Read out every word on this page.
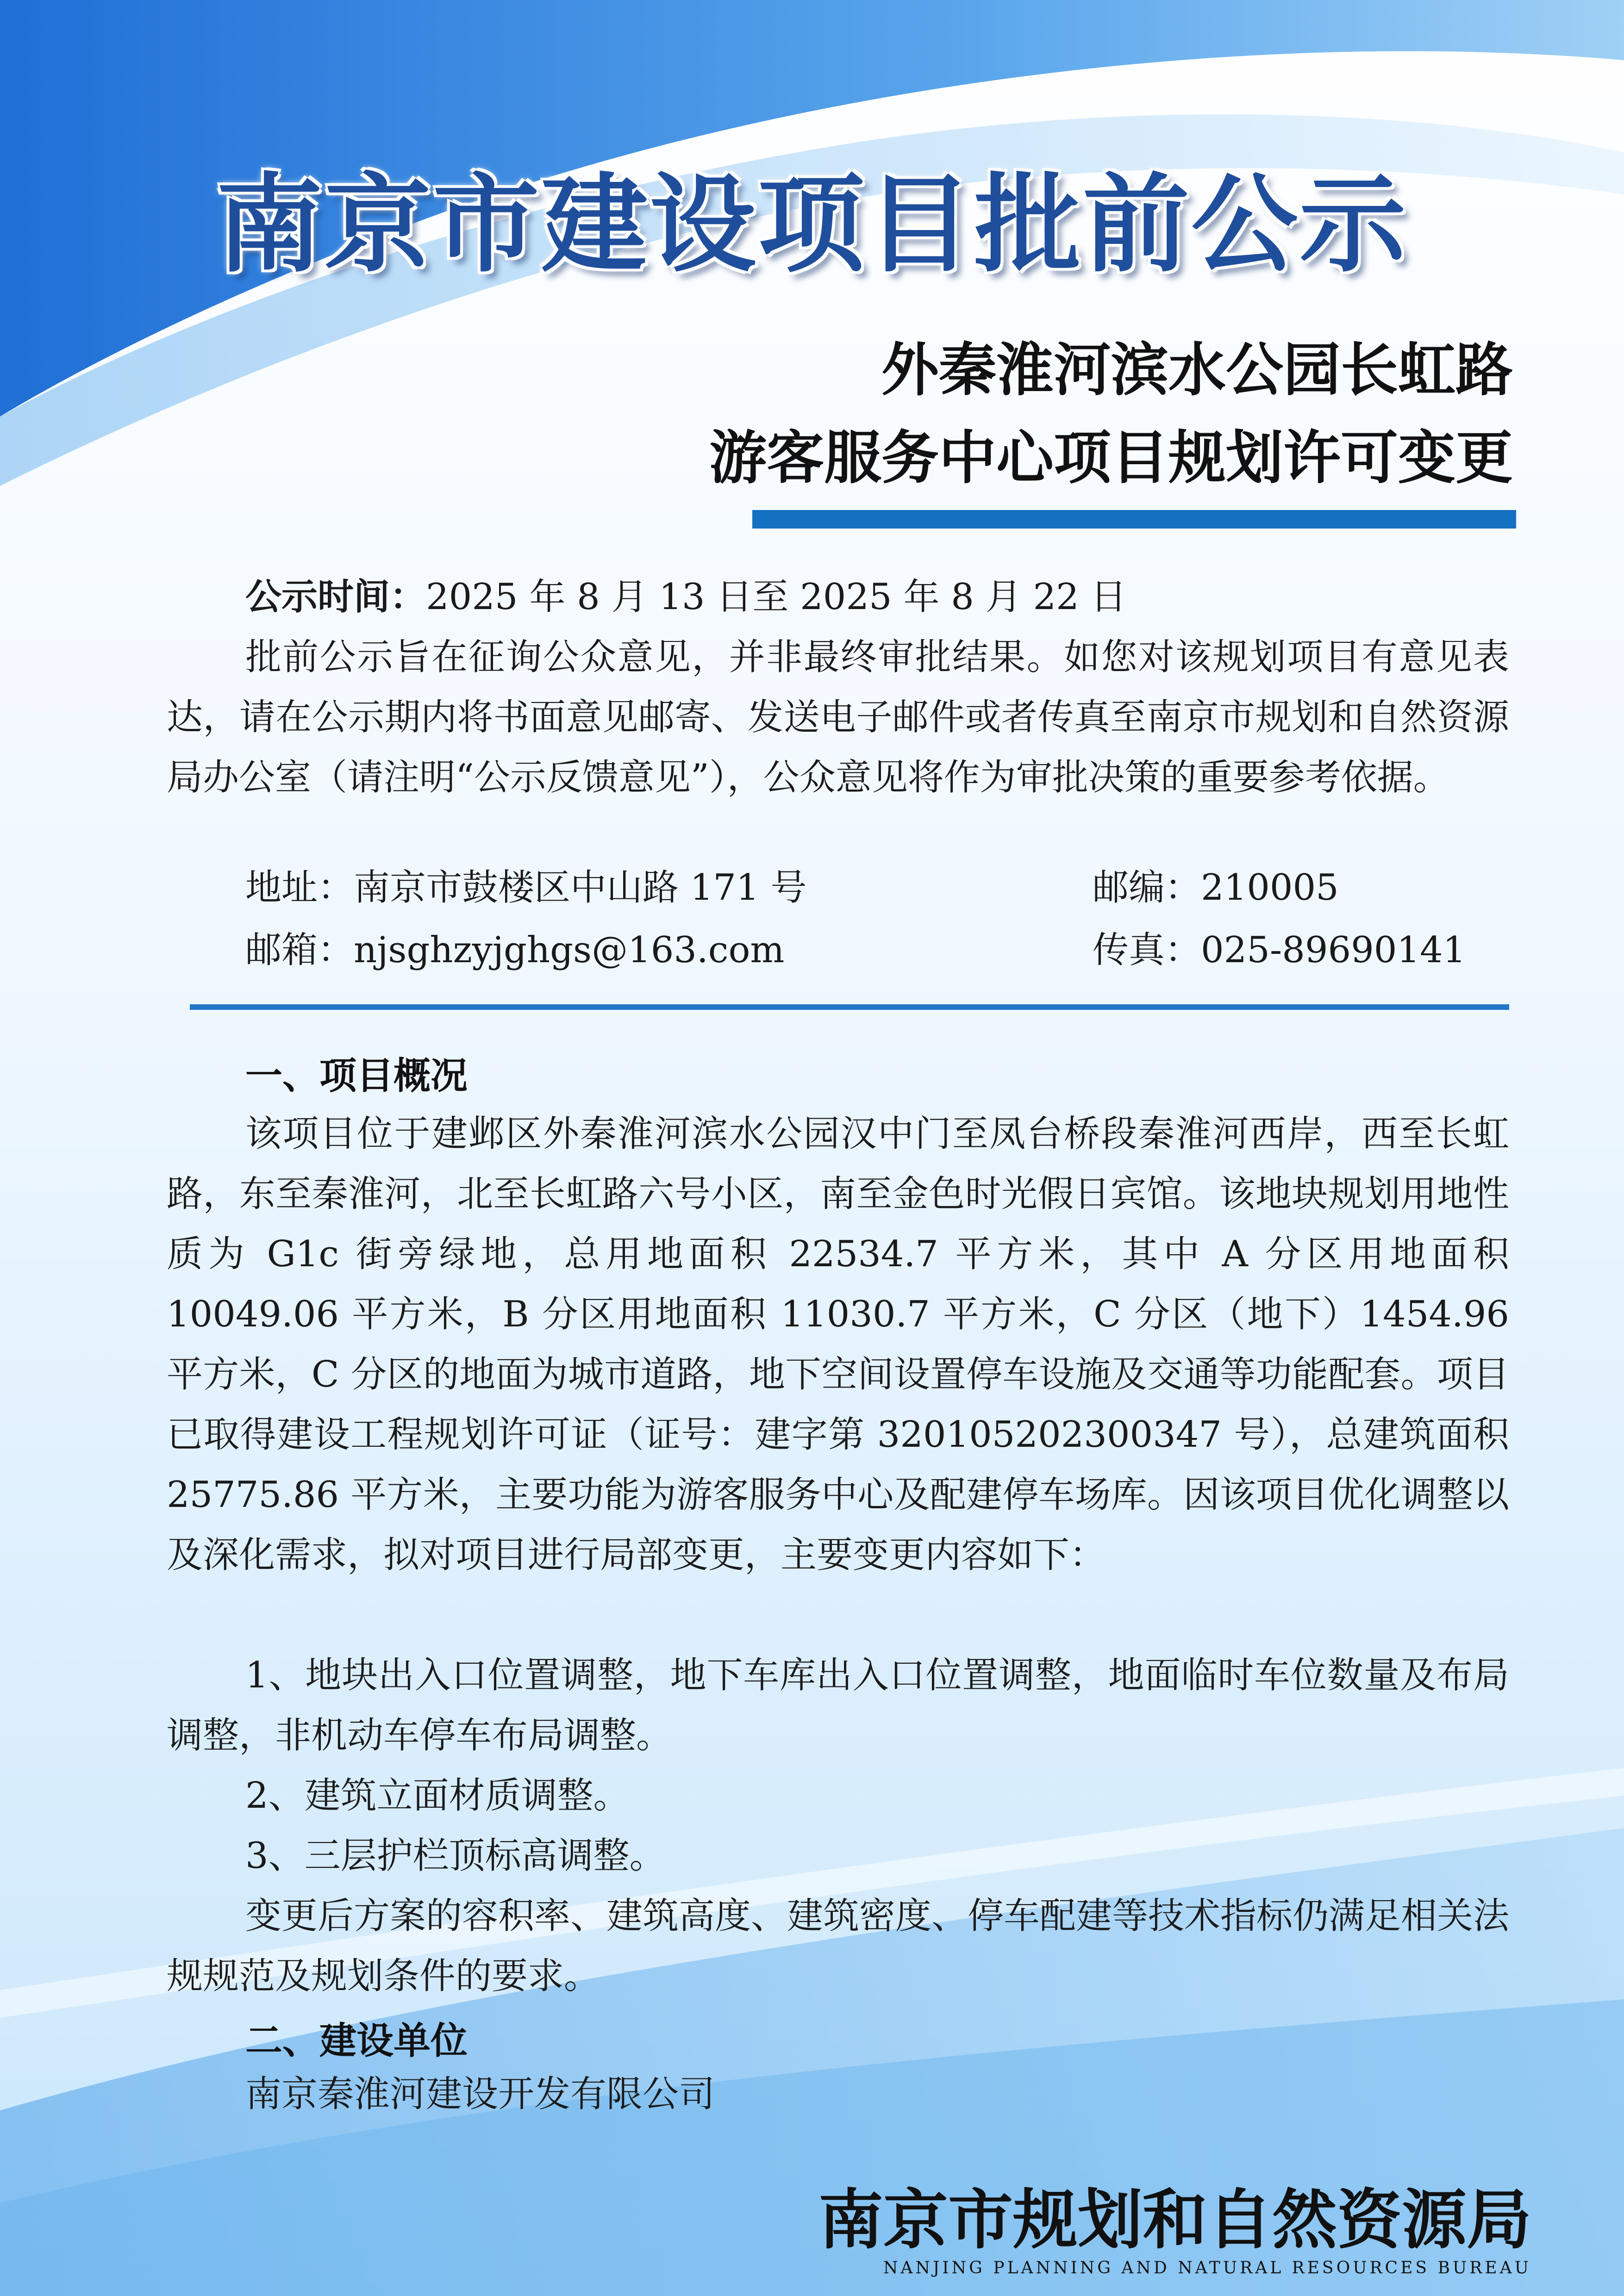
南京市建设项目批前公示
外秦淮河滨水公园长虹路
游客服务中心项目规划许可变更
公示时间：2025 年 8 月 13 日至 2025 年 8 月 22 日

批前公示旨在征询公众意见，并非最终审批结果。如您对该规划项目有意见表达，请在公示期内将书面意见邮寄、发送电子邮件或者传真至南京市规划和自然资源局办公室（请注明“公示反馈意见”），公众意见将作为审批决策的重要参考依据。

地址：南京市鼓楼区中山路 171 号	邮编：210005
邮箱：njsghzyjghgs@163.com	传真：025-89690141
一、项目概况

该项目位于建邺区外秦淮河滨水公园汉中门至凤台桥段秦淮河西岸，西至长虹路，东至秦淮河，北至长虹路六号小区，南至金色时光假日宾馆。该地块规划用地性质为 G1c 街旁绿地，总用地面积 22534.7 平方米，其中 A 分区用地面积 10049.06 平方米，B 分区用地面积 11030.7 平方米，C 分区（地下）1454.96 平方米，C 分区的地面为城市道路，地下空间设置停车设施及交通等功能配套。项目已取得建设工程规划许可证（证号：建字第 320105202300347 号），总建筑面积 25775.86 平方米，主要功能为游客服务中心及配建停车场库。因该项目优化调整以及深化需求，拟对项目进行局部变更，主要变更内容如下：

1、地块出入口位置调整，地下车库出入口位置调整，地面临时车位数量及布局调整，非机动车停车布局调整。

2、建筑立面材质调整。

3、三层护栏顶标高调整。

变更后方案的容积率、建筑高度、建筑密度、停车配建等技术指标仍满足相关法规规范及规划条件的要求。

二、建设单位
南京秦淮河建设开发有限公司
南京市规划和自然资源局
NANJING PLANNING AND NATURAL RESOURCES BUREAU
